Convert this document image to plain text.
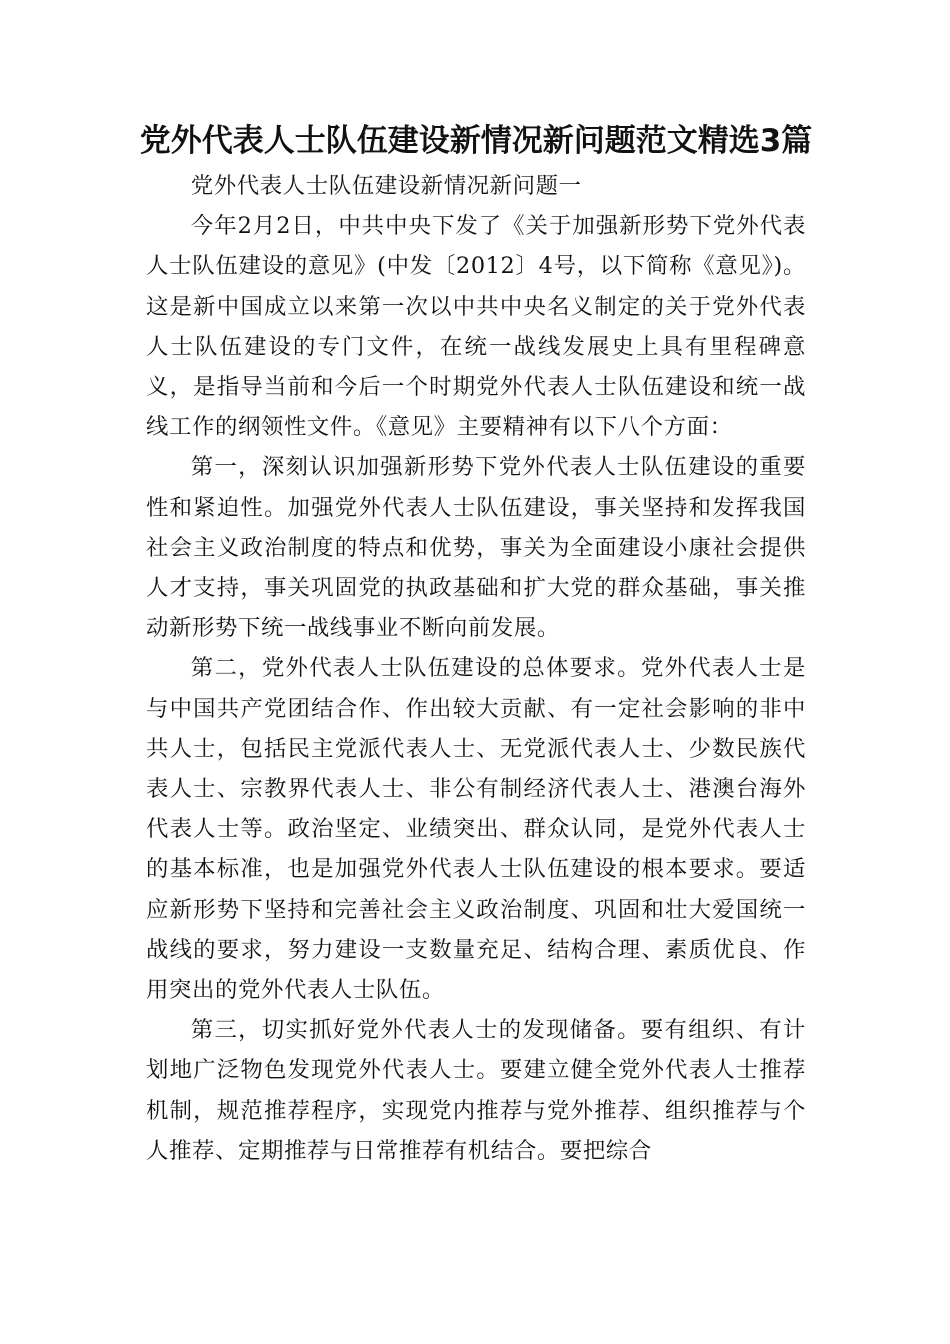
党外代表人士队伍建设新情况新问题范文精选3篇

党外代表人士队伍建设新情况新问题一

今年2月2日，中共中央下发了《关于加强新形势下党外代表人士队伍建设的意见》(中发〔2012〕4号，以下简称《意见》)。这是新中国成立以来第一次以中共中央名义制定的关于党外代表人士队伍建设的专门文件，在统一战线发展史上具有里程碑意义，是指导当前和今后一个时期党外代表人士队伍建设和统一战线工作的纲领性文件。《意见》主要精神有以下八个方面：

第一，深刻认识加强新形势下党外代表人士队伍建设的重要性和紧迫性。加强党外代表人士队伍建设，事关坚持和发挥我国社会主义政治制度的特点和优势，事关为全面建设小康社会提供人才支持，事关巩固党的执政基础和扩大党的群众基础，事关推动新形势下统一战线事业不断向前发展。

第二，党外代表人士队伍建设的总体要求。党外代表人士是与中国共产党团结合作、作出较大贡献、有一定社会影响的非中共人士，包括民主党派代表人士、无党派代表人士、少数民族代表人士、宗教界代表人士、非公有制经济代表人士、港澳台海外代表人士等。政治坚定、业绩突出、群众认同，是党外代表人士的基本标准，也是加强党外代表人士队伍建设的根本要求。要适应新形势下坚持和完善社会主义政治制度、巩固和壮大爱国统一战线的要求，努力建设一支数量充足、结构合理、素质优良、作用突出的党外代表人士队伍。

第三，切实抓好党外代表人士的发现储备。要有组织、有计划地广泛物色发现党外代表人士。要建立健全党外代表人士推荐机制，规范推荐程序，实现党内推荐与党外推荐、组织推荐与个人推荐、定期推荐与日常推荐有机结合。要把综合
